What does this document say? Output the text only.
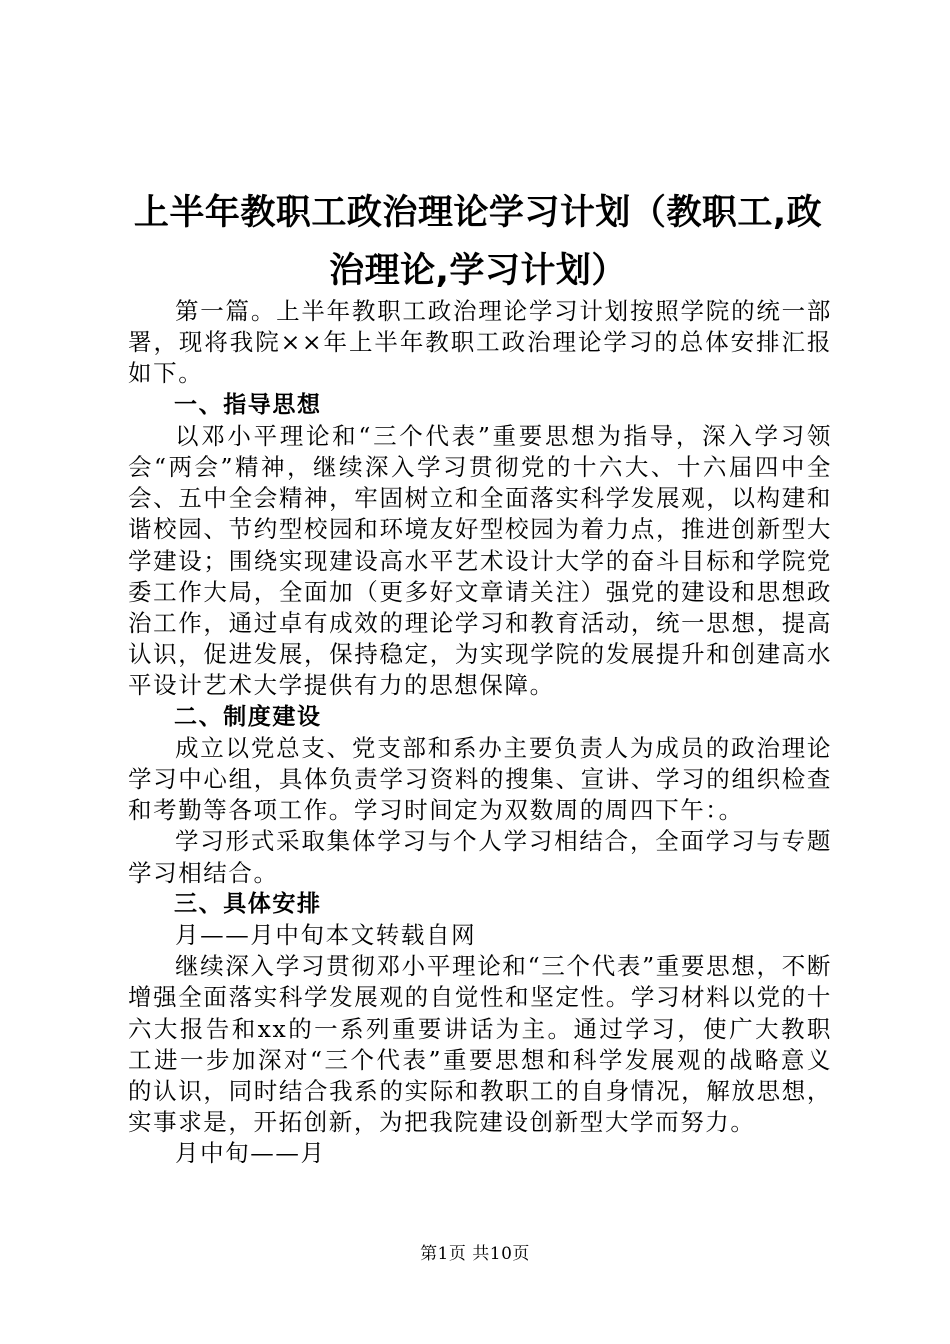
上半年教职工政治理论学习计划（教职工,政治理论,学习计划）

第一篇。上半年教职工政治理论学习计划按照学院的统一部署，现将我院××年上半年教职工政治理论学习的总体安排汇报如下。

一、指导思想

以邓小平理论和“三个代表”重要思想为指导，深入学习领会“两会”精神，继续深入学习贯彻党的十六大、十六届四中全会、五中全会精神，牢固树立和全面落实科学发展观，以构建和谐校园、节约型校园和环境友好型校园为着力点，推进创新型大学建设；围绕实现建设高水平艺术设计大学的奋斗目标和学院党委工作大局，全面加（更多好文章请关注）强党的建设和思想政治工作，通过卓有成效的理论学习和教育活动，统一思想，提高认识，促进发展，保持稳定，为实现学院的发展提升和创建高水平设计艺术大学提供有力的思想保障。

二、制度建设

成立以党总支、党支部和系办主要负责人为成员的政治理论学习中心组，具体负责学习资料的搜集、宣讲、学习的组织检查和考勤等各项工作。学习时间定为双数周的周四下午：。

学习形式采取集体学习与个人学习相结合，全面学习与专题学习相结合。

三、具体安排

月——月中旬本文转载自网

继续深入学习贯彻邓小平理论和“三个代表”重要思想，不断增强全面落实科学发展观的自觉性和坚定性。学习材料以党的十六大报告和xx的一系列重要讲话为主。通过学习，使广大教职工进一步加深对“三个代表”重要思想和科学发展观的战略意义的认识，同时结合我系的实际和教职工的自身情况，解放思想，实事求是，开拓创新，为把我院建设创新型大学而努力。

月中旬——月

第1页 共10页
